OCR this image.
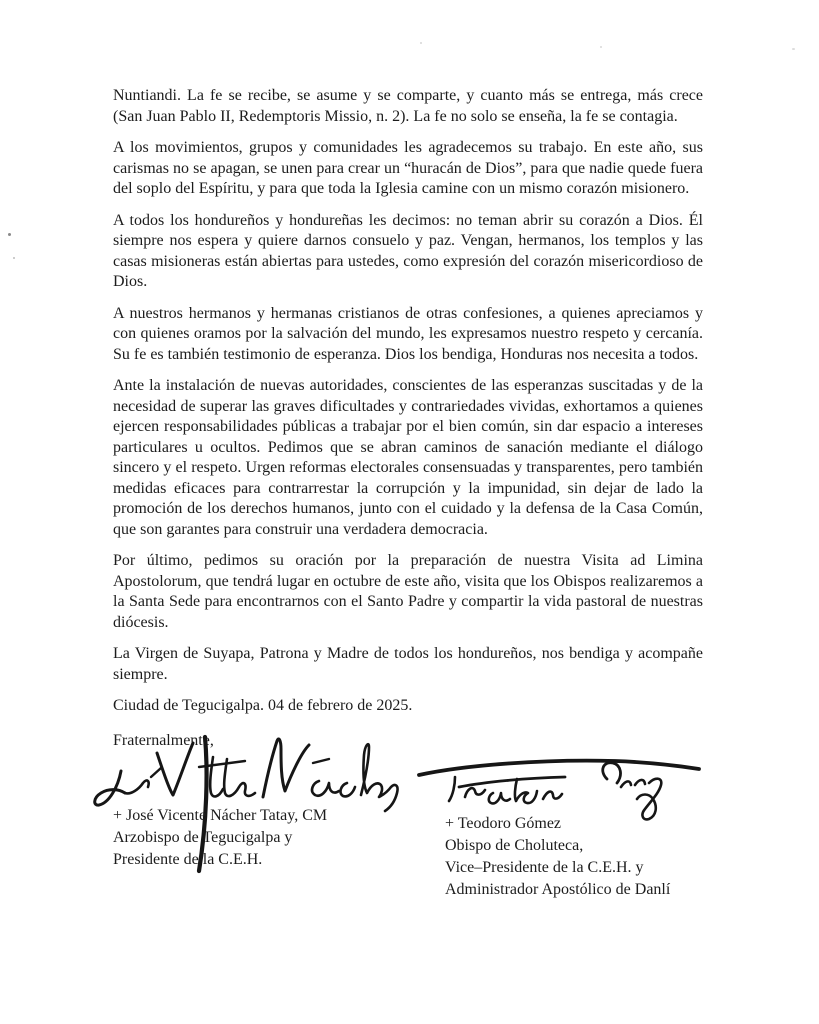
Nuntiandi. La fe se recibe, se asume y se comparte, y cuanto más se entrega, más crece (San Juan Pablo II, Redemptoris Missio, n. 2). La fe no solo se enseña, la fe se contagia.

A los movimientos, grupos y comunidades les agradecemos su trabajo. En este año, sus carismas no se apagan, se unen para crear un “huracán de Dios”, para que nadie quede fuera del soplo del Espíritu, y para que toda la Iglesia camine con un mismo corazón misionero.

A todos los hondureños y hondureñas les decimos: no teman abrir su corazón a Dios. Él siempre nos espera y quiere darnos consuelo y paz. Vengan, hermanos, los templos y las casas misioneras están abiertas para ustedes, como expresión del corazón misericordioso de Dios.

A nuestros hermanos y hermanas cristianos de otras confesiones, a quienes apreciamos y con quienes oramos por la salvación del mundo, les expresamos nuestro respeto y cercanía. Su fe es también testimonio de esperanza. Dios los bendiga, Honduras nos necesita a todos.

Ante la instalación de nuevas autoridades, conscientes de las esperanzas suscitadas y de la necesidad de superar las graves dificultades y contrariedades vividas, exhortamos a quienes ejercen responsabilidades públicas a trabajar por el bien común, sin dar espacio a intereses particulares u ocultos. Pedimos que se abran caminos de sanación mediante el diálogo sincero y el respeto. Urgen reformas electorales consensuadas y transparentes, pero también medidas eficaces para contrarrestar la corrupción y la impunidad, sin dejar de lado la promoción de los derechos humanos, junto con el cuidado y la defensa de la Casa Común, que son garantes para construir una verdadera democracia.

Por último, pedimos su oración por la preparación de nuestra Visita ad Limina Apostolorum, que tendrá lugar en octubre de este año, visita que los Obispos realizaremos a la Santa Sede para encontrarnos con el Santo Padre y compartir la vida pastoral de nuestras diócesis.

La Virgen de Suyapa, Patrona y Madre de todos los hondureños, nos bendiga y acompañe siempre.

Ciudad de Tegucigalpa. 04 de febrero de 2025.

Fraternalmente,

+ José Vicente Nácher Tatay, CM
Arzobispo de Tegucigalpa y
Presidente de la C.E.H.
+ Teodoro Gómez
Obispo de Choluteca,
Vice–Presidente de la C.E.H. y
Administrador Apostólico de Danlí
